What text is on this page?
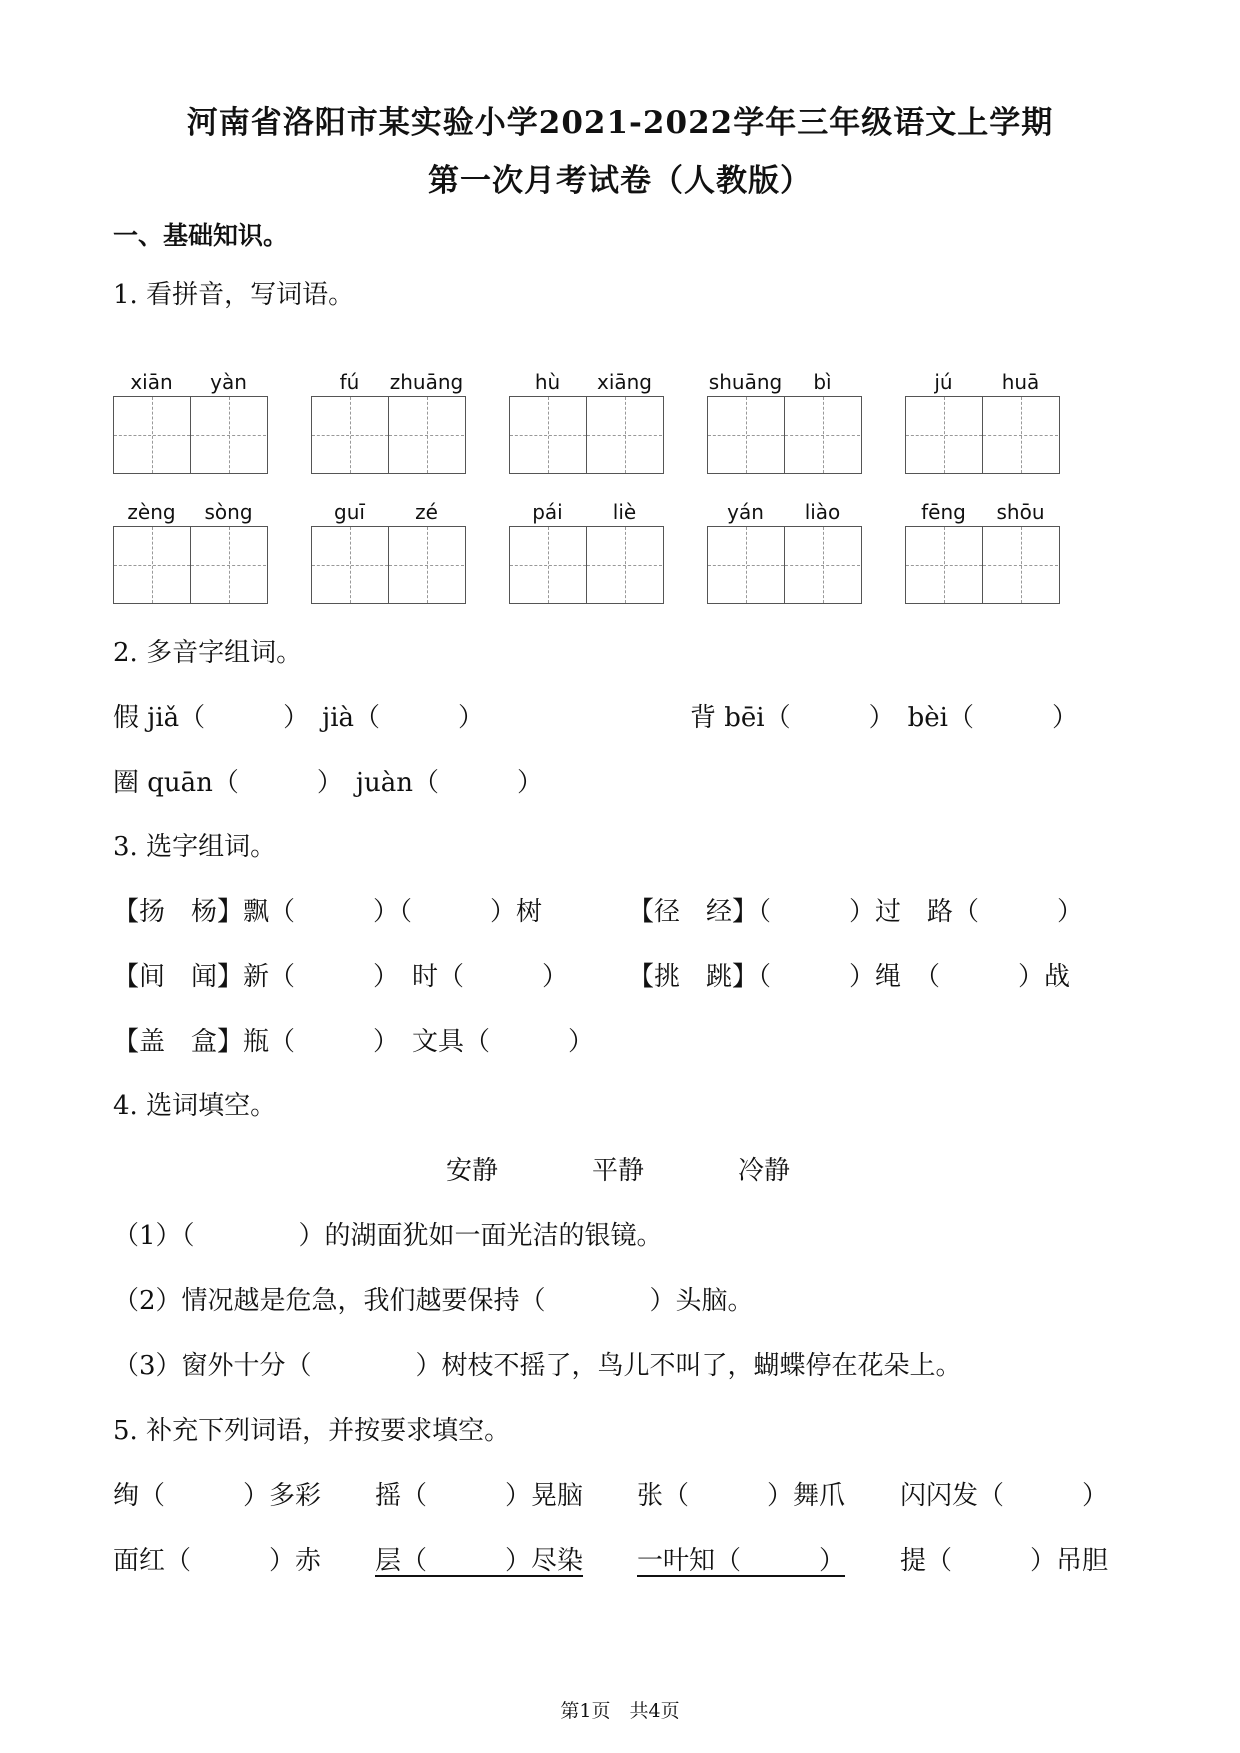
河南省洛阳市某实验小学2021-2022学年三年级语文上学期
第一次月考试卷（人教版）
一、基础知识。
1. 看拼音，写词语。
xiān	yàn	fú	zhuāng	hù	xiāng	shuāng	bì	jú	huā
zèng	sòng	guī	zé	pái	liè	yán	liào	fēng	shōu
2. 多音字组词。
假 jiǎ（　　　）　jià（　　　）	背 bēi（　　　）　bèi（　　　）
圈 quān（　　　）　juàn（　　　）
3. 选字组词。
【扬　杨】飘（　　　）（　　　）树	【径　经】（　　　）过　路（　　　）
【间　闻】新（　　　）　时（　　　） 【挑　跳】（　　　）绳　（　　　）战
【盖　盒】瓶（　　　）　文具（　　　）
4. 选词填空。
安静	平静	冷静
（1）（　　　　）的湖面犹如一面光洁的银镜。
（2）情况越是危急，我们越要保持（　　　　）头脑。
（3）窗外十分（　　　　）树枝不摇了，鸟儿不叫了，蝴蝶停在花朵上。
5. 补充下列词语，并按要求填空。
绚（　　　）多彩 摇（　　　）晃脑 张（　　　）舞爪 闪闪发（　　　）
面红（　　　）赤 层（　　　）尽染 一叶知（　　　） 提（　　　）吊胆
第1页　共4页
